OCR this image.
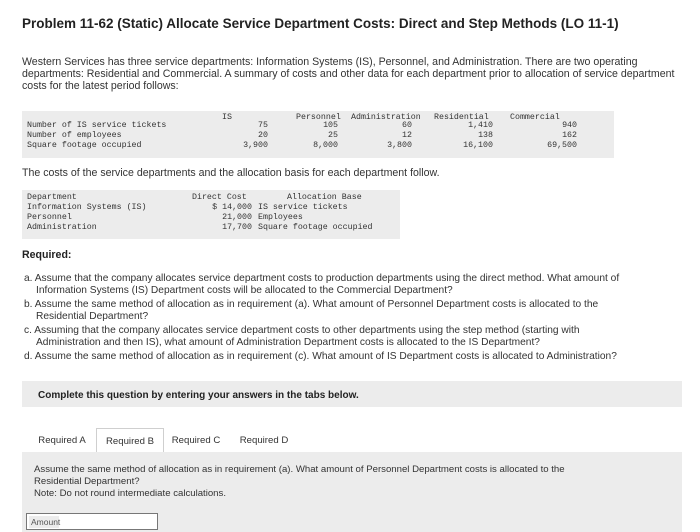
Problem 11-62 (Static) Allocate Service Department Costs: Direct and Step Methods (LO 11-1)
Western Services has three service departments: Information Systems (IS), Personnel, and Administration. There are two operating departments: Residential and Commercial. A summary of costs and other data for each department prior to allocation of service department costs for the latest period follows:
IS	Personnel Administration Residential	Commercial
Number of IS service tickets	75	105	60	1,410	940
Number of employees	20	25	12	138	162
Square footage occupied	3,900	8,000	3,800	16,100	69,500
The costs of the service departments and the allocation basis for each department follow.
Department	Direct Cost	Allocation Base
Information Systems (IS)	$ 14,000 IS service tickets
Personnel	21,000 Employees
Administration	17,700 Square footage occupied
Required:
a. Assume that the company allocates service department costs to production departments using the direct method. What amount of
Information Systems (IS) Department costs will be allocated to the Commercial Department?
b. Assume the same method of allocation as in requirement (a). What amount of Personnel Department costs is allocated to the
Residential Department?
c. Assuming that the company allocates service department costs to other departments using the step method (starting with
Administration and then IS), what amount of Administration Department costs is allocated to the IS Department?
d. Assume the same method of allocation as in requirement (c). What amount of IS Department costs is allocated to Administration?
Complete this question by entering your answers in the tabs below.
Required A	Required B	Required C	Required D
Assume the same method of allocation as in requirement (a). What amount of Personnel Department costs is allocated to the
Residential Department?
Note: Do not round intermediate calculations.
Amount
